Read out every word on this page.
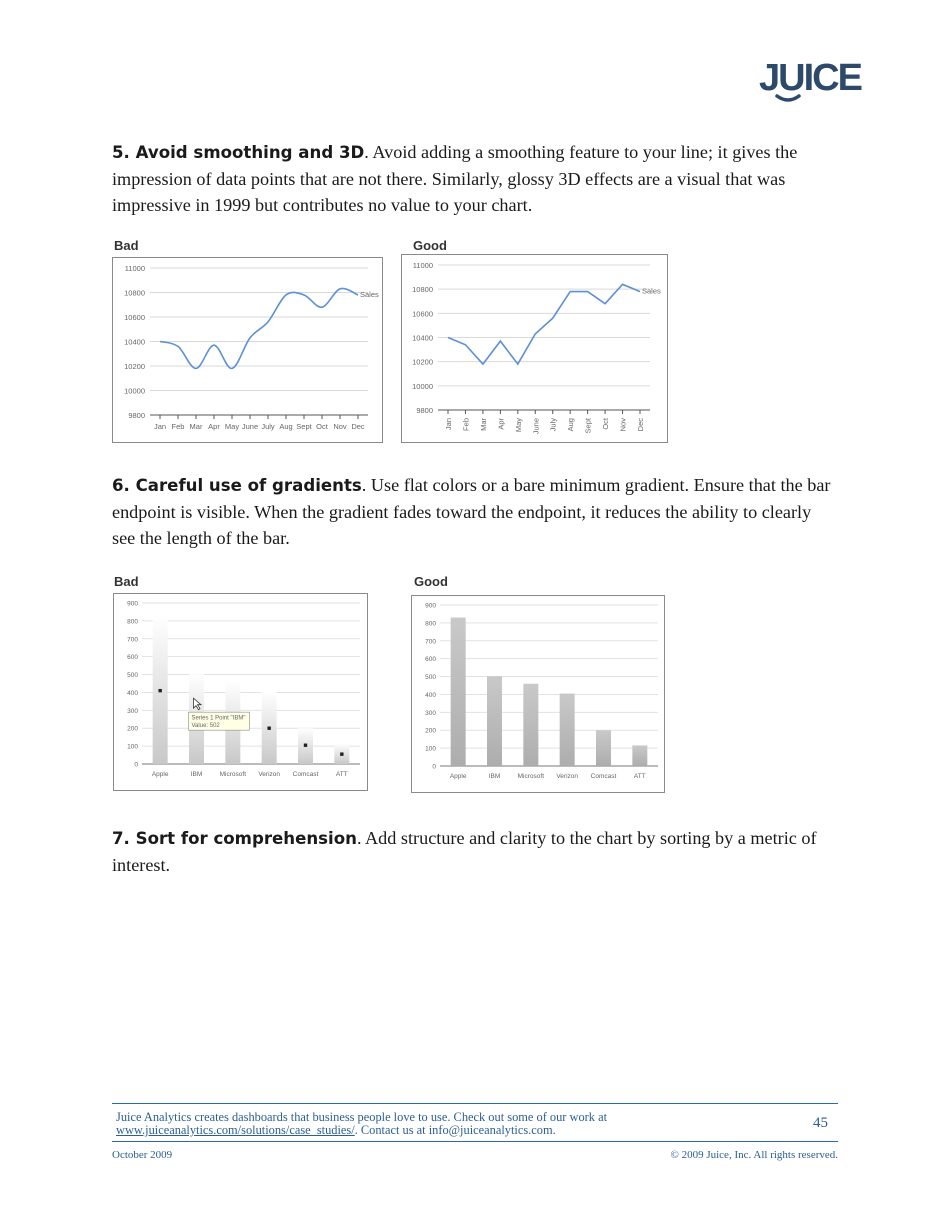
JUICE

5. Avoid smoothing and 3D. Avoid adding a smoothing feature to your line; it gives the impression of data points that are not there. Similarly, glossy 3D effects are a visual that was impressive in 1999 but contributes no value to your chart.

Bad
9800
10000
10200
10400
10600
10800
11000
Jan Feb Mar Apr May June July Aug Sept Oct Nov Dec
Sales
Good
9800
10000
10200
10400
10600
10800
11000
Jan Feb Mar Apr May June July Aug Sept Oct Nov Dec
Sales

6. Careful use of gradients. Use flat colors or a bare minimum gradient. Ensure that the bar endpoint is visible. When the gradient fades toward the endpoint, it reduces the ability to clearly see the length of the bar.

Bad
0
100
200
300
400
500
600
700
800
900
Apple	IBM	Microsoft Verizon Comcast	ATT
Series 1 Point "IBM"
Value: 502
Good
0
100
200
300
400
500
600
700
800
900
Apple	IBM	Microsoft Verizon Comcast	ATT

7. Sort for comprehension. Add structure and clarity to the chart by sorting by a metric of interest.

Juice Analytics creates dashboards that business people love to use. Check out some of our work at
www.juiceanalytics.com/solutions/case_studies/. Contact us at info@juiceanalytics.com.	45
October 2009	© 2009 Juice, Inc. All rights reserved.
